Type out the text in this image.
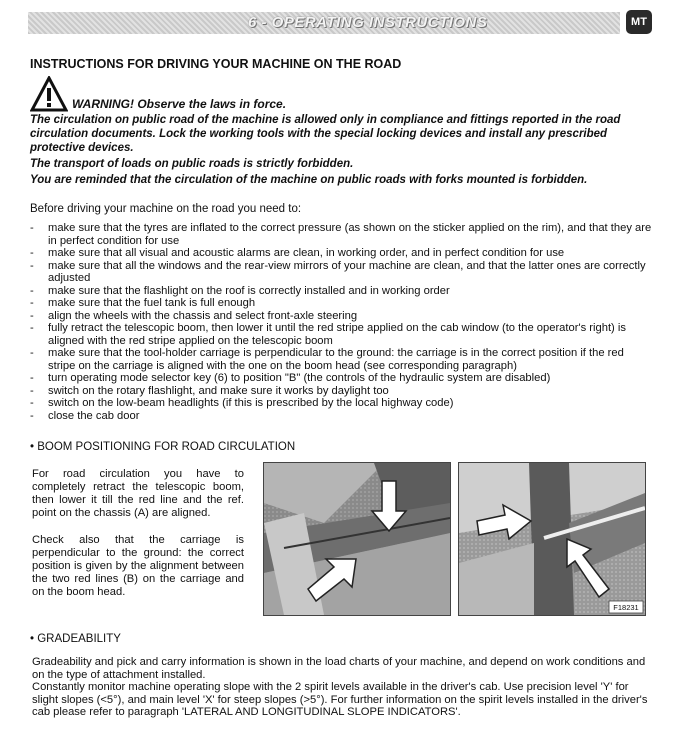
6 - OPERATING INSTRUCTIONS	MT
INSTRUCTIONS FOR DRIVING YOUR MACHINE ON THE ROAD
WARNING! Observe the laws in force.

The circulation on public road of the machine is allowed only in compliance and fittings reported in the road circulation documents. Lock the working tools with the special locking devices and install any prescribed protective devices.

The transport of loads on public roads is strictly forbidden.

You are reminded that the circulation of the machine on public roads with forks mounted is forbidden.

Before driving your machine on the road you need to:
- make sure that the tyres are inflated to the correct pressure (as shown on the sticker applied on the rim), and that they are in perfect condition for use
- make sure that all visual and acoustic alarms are clean, in working order, and in perfect condition for use
- make sure that all the windows and the rear-view mirrors of your machine are clean, and that the latter ones are correctly adjusted
- make sure that the flashlight on the roof is correctly installed and in working order
- make sure that the fuel tank is full enough
- align the wheels with the chassis and select front-axle steering
- fully retract the telescopic boom, then lower it until the red stripe applied on the cab window (to the operator's right) is aligned with the red stripe applied on the telescopic boom
- make sure that the tool-holder carriage is perpendicular to the ground: the carriage is in the correct position if the red stripe on the carriage is aligned with the one on the boom head (see corresponding paragraph)
- turn operating mode selector key (6) to position "B" (the controls of the hydraulic system are disabled)
- switch on the rotary flashlight, and make sure it works by daylight too
- switch on the low-beam headlights (if this is prescribed by the local highway code)
- close the cab door
• BOOM POSITIONING FOR ROAD CIRCULATION
For road circulation you have to completely retract the telescopic boom, then lower it till the red line and the ref. point on the chassis (A) are aligned.
Check also that the carriage is perpendicular to the ground: the correct position is given by the alignment between the two red lines (B) on the carriage and on the boom head.
F18231
• GRADEABILITY

Gradeability and pick and carry information is shown in the load charts of your machine, and depend on work conditions and on the type of attachment installed.

Constantly monitor machine operating slope with the 2 spirit levels available in the driver's cab. Use precision level 'Y' for slight slopes (<5°), and main level 'X' for steep slopes (>5°). For further information on the spirit levels installed in the driver's cab please refer to paragraph 'LATERAL AND LONGITUDINAL SLOPE INDICATORS'.
